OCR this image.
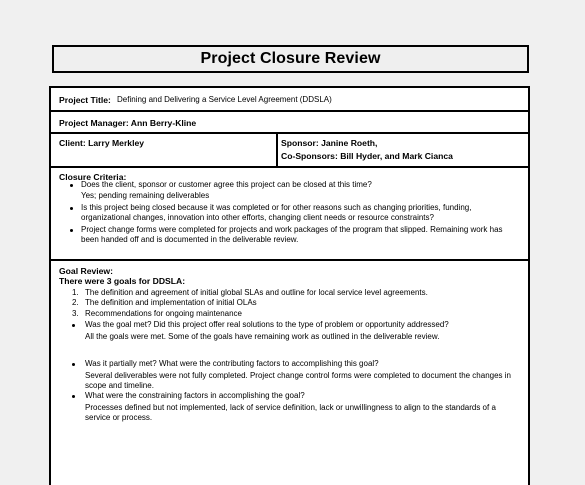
Project Closure Review
Project Title: Defining and Delivering a Service Level Agreement (DDSLA)
Project Manager: Ann Berry-Kline
Client: Larry Merkley	Sponsor: Janine Roeth,
Co-Sponsors: Bill Hyder, and Mark Cianca
Closure Criteria:
Does the client, sponsor or customer agree this project can be closed at this time?
Yes; pending remaining deliverables
Is this project being closed because it was completed or for other reasons such as changing priorities, funding,
organizational changes, innovation into other efforts, changing client needs or resource constraints?
Project change forms were completed for projects and work packages of the program that slipped. Remaining work has
been handed off and is documented in the deliverable review.
Goal Review:
There were 3 goals for DDSLA:
1. The definition and agreement of initial global SLAs and outline for local service level agreements.
2. The definition and implementation of initial OLAs
3. Recommendations for ongoing maintenance
Was the goal met? Did this project offer real solutions to the type of problem or opportunity addressed?
All the goals were met. Some of the goals have remaining work as outlined in the deliverable review.
Was it partially met? What were the contributing factors to accomplishing this goal?
Several deliverables were not fully completed. Project change control forms were completed to document the changes in
scope and timeline.
What were the constraining factors in accomplishing the goal?
Processes defined but not implemented, lack of service definition, lack or unwillingness to align to the standards of a
service or process.
